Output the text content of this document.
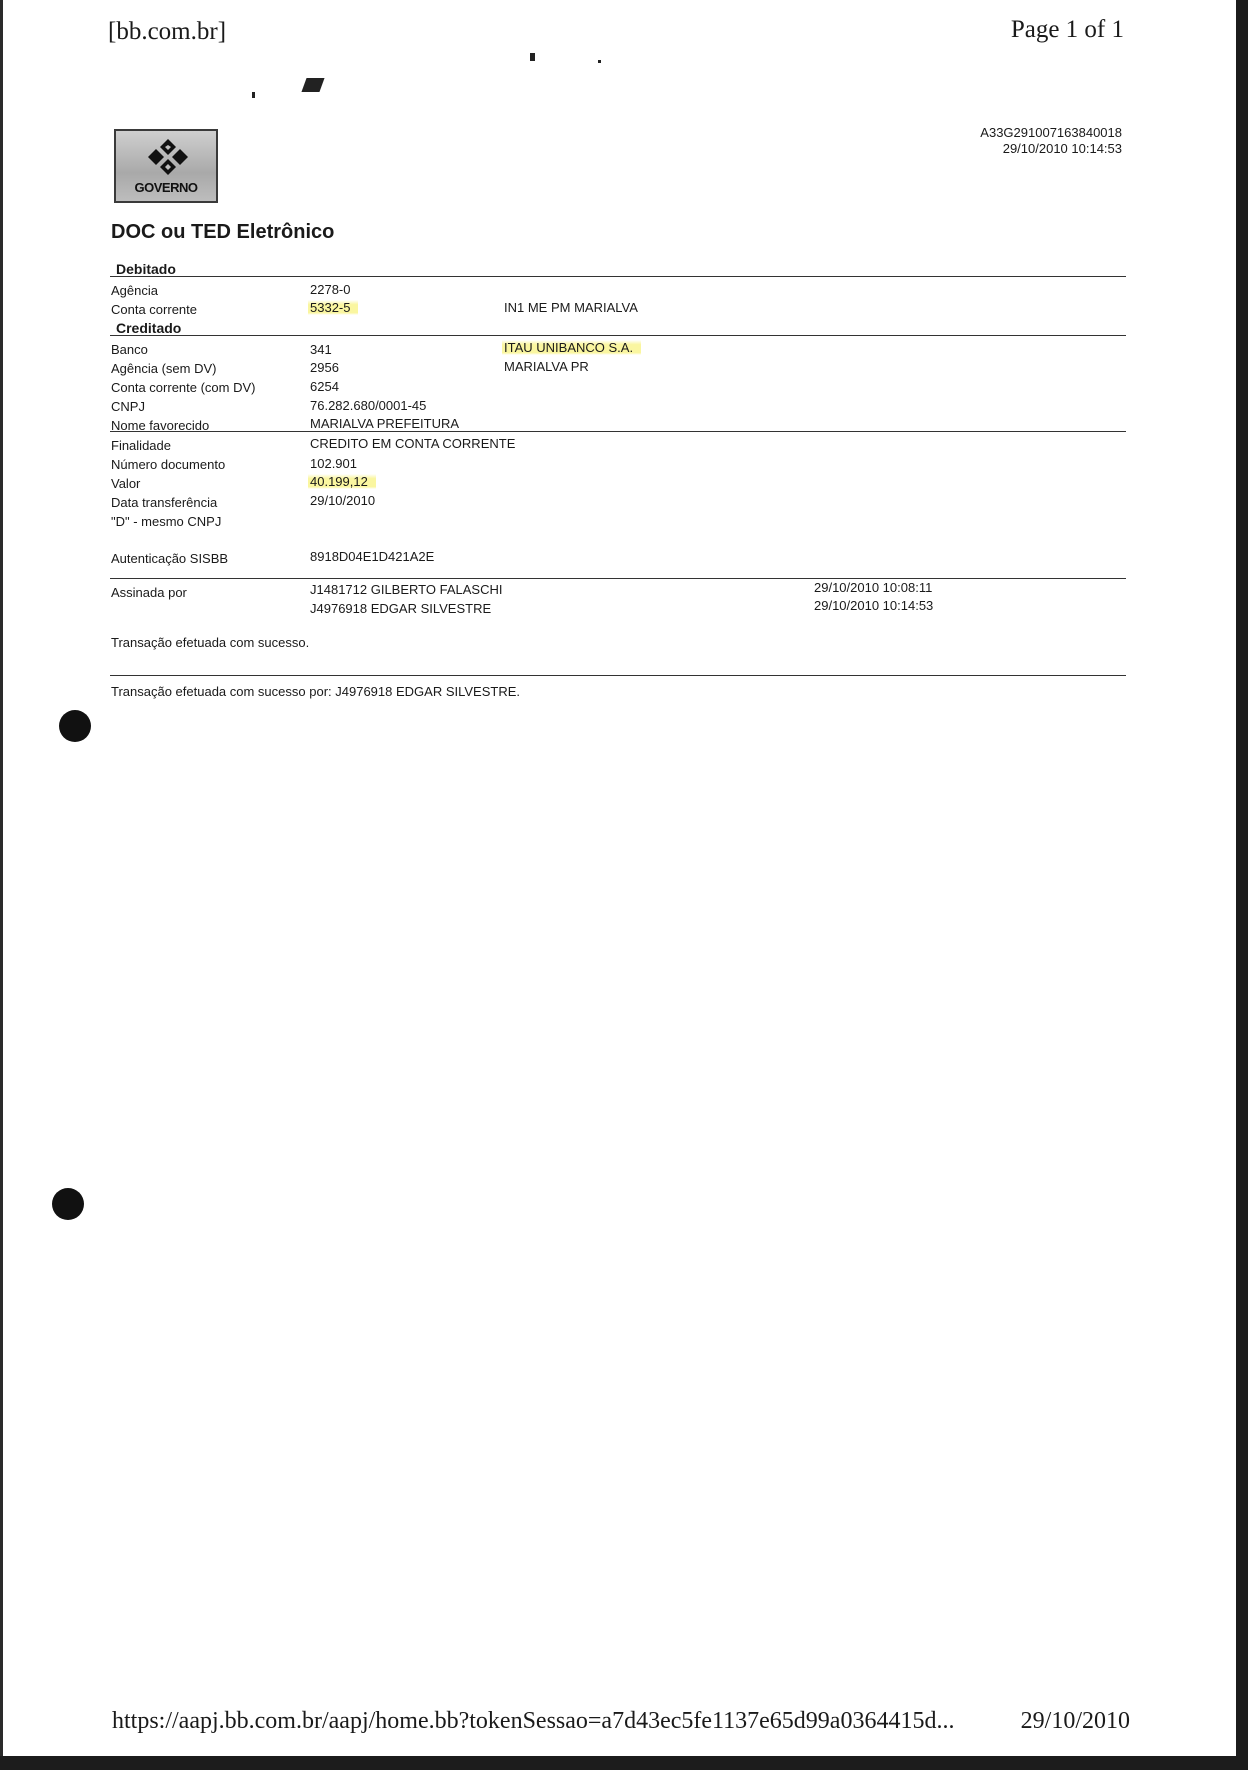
[bb.com.br]	Page 1 of 1
GOVERNO
A33G291007163840018
29/10/2010 10:14:53
DOC ou TED Eletrônico
Debitado
Agência	2278-0
Conta corrente	5332-5	IN1 ME PM MARIALVA
Creditado
Banco	341	ITAU UNIBANCO S.A.
Agência (sem DV)	2956	MARIALVA PR
Conta corrente (com DV)	6254
CNPJ	76.282.680/0001-45
Nome favorecido	MARIALVA PREFEITURA
Finalidade	CREDITO EM CONTA CORRENTE
Número documento	102.901
Valor	40.199,12
Data transferência	29/10/2010
"D" - mesmo CNPJ
Autenticação SISBB	8918D04E1D421A2E
Assinada por	J1481712 GILBERTO FALASCHI	29/10/2010 10:08:11
J4976918 EDGAR SILVESTRE	29/10/2010 10:14:53
Transação efetuada com sucesso.
Transação efetuada com sucesso por: J4976918 EDGAR SILVESTRE.
https://aapj.bb.com.br/aapj/home.bb?tokenSessao=a7d43ec5fe1137e65d99a0364415d...	29/10/2010
